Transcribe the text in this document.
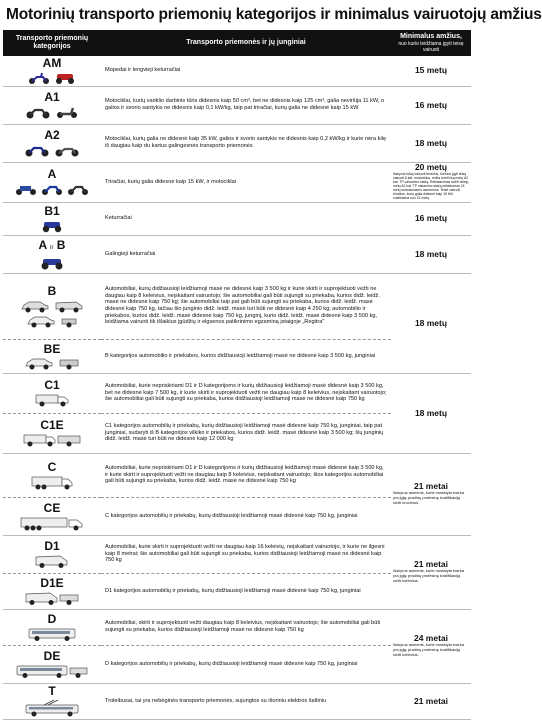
Motorinių transporto priemonių kategorijos ir minimalus vairuotojų amžius
Transporto priemonių kategorijos	Transporto priemonės ir jų junginiai	Minimalus amžius,
nuo kurio leidžiama įgyti teisę vairuoti

AM	Mopedai ir lengvieji keturračiai	15 metų

A1	Motociklai, kurių variklio darbinis tūris didesnis kaip 50 cm³, bet ne didesnis kaip 125 cm³, galia neviršija 11 kW, o galios ir svorio santykis ne didesnis kaip 0,1 kW/kg, taip pat triračiai, kurių galia ne didesnė kaip 15 kW	16 metų

A2	Motociklai, kurių galia ne didesnė kaip 35 kW, galios ir svorio santykis ne didesnis kaip 0,2 kW/kg ir kurie nėra kilę iš daugiau kaip du kartus galingesnės transporto priemonės	18 metų

A	Triračiai, kurių galia didesnė kaip 15 kW, ir motociklai	20 metų
Išskyrus tokią vairuoti triračius, kuriuos įgyti teisę vairuoti A kat. motociklus, reikia turėti ilsą metų A2 kat. TP vairavimo stažą. Reikalavimas turėti dviejų metų A2 kat. TP vairavimo stažą netaikomas 24 metų sulaukusiems asmenims. Teisė vairuoti triračius, kurių galia didesnė kaip 15 kW, suteikiama nuo 21 metų.

B1	Keturračiai	16 metų

A ir B	Galingieji keturračiai	18 metų

B	Automobiliai, kurių didžiausioji leidžiamoji masė ne didesnė kaip 3 500 kg ir kurie skirti ir suprojektuoti vežti ne daugiau kaip 8 keleivius, neįskaitant vairuotojo; šie automobiliai gali būti sujungti su priekaba, kurios didž. leidž. masė ne didesnė kaip 750 kg; šie automobiliai taip pat gali būti sujungti su priekaba, kurios didž. leidž. masė didesnė kaip 750 kg, tačiau šio junginio didž. leidž. masė turi būti ne didesnė kaip 4 250 kg; automobilio ir priekabos, kurios didž. leidž. masė didesnė kaip 750 kg, junginį, kurio didž. leidž. masė didesnė kaip 3 500 kg, leidžiama vairuoti tik išlaikius įgūdžių ir elgsenos patikrinimo egzaminą įstaigoje „Regitra"	18 metų

BE	B kategorijos automobilio ir priekabos, kurios didžiausioji leidžiamoji masė ne didesnė kaip 3 500 kg, junginiai	

C1	Automobiliai, kurie nepriskiriami D1 ir D kategorijoms ir kurių didžiausioji leidžiamoji masė didesnė kaip 3 500 kg, bet ne didesnė kaip 7 500 kg, ir kurie skirti ir suprojektuoti vežti ne daugiau kaip 8 keleivius, neįskaitant vairuotojo; šie automobiliai gali būti sujungti su priekaba, kurios didžiausioji leidžiamoji masė ne didesnė kaip 750 kg	18 metų

C1E	C1 kategorijos automobilių ir priekabų, kurių didžiausioji leidžiamoji masė didesnė kaip 750 kg, junginiai, taip pat junginiai, sudaryti iš B kategorijos vilkiko ir priekabos, kurios didž. leidž. masė didesnė kaip 3 500 kg; šių junginių didž. leidž. masė turi būti ne didesnė kaip 12 000 kg	

C	Automobiliai, kurie nepriskiriami D1 ir D kategorijoms ir kurių didžiausioji leidžiamoji masė didesnė kaip 3 500 kg, ir kurie skirti ir suprojektuoti vežti ne daugiau kaip 8 keleivius, neįskaitant vairuotojo; šios kategorijos automobiliai gali būti sujungti su priekaba, kurios didž. leidž. masė ne didesnė kaip 750 kg	21 metai
Išskyrus asmenis, kurie nustatyta tvarka yra įgiję pradinę profesinę kvalifikaciją vežti krovinius.

CE	C kategorijos automobilių ir priekabų, kurių didžiausioji leidžiamoji masė didesnė kaip 750 kg, junginiai	

D1	Automobiliai, kurie skirti ir suprojektuoti vežti ne daugiau kaip 16 keleivių, neįskaitant vairuotojo, ir kurie ne ilgesni kaip 8 metrai; šie automobiliai gali būti sujungti su priekaba, kurios didžiausioji leidžiamoji masė ne didesnė kaip 750 kg	21 metai
Išskyrus asmenis, kurie nustatyta tvarka yra įgiję pradinę profesinę kvalifikaciją vežti keleivius.

D1E	D1 kategorijos automobilių ir priekabų, kurių didžiausioji leidžiamoji masė didesnė kaip 750 kg, junginiai	

D	Automobiliai, skirti ir suprojektuoti vežti daugiau kaip 8 keleivius, neįskaitant vairuotojo; šie automobiliai gali būti sujungti su priekaba, kurios didžiausioji leidžiamoji masė ne didesnė kaip 750 kg	24 metai
Išskyrus asmenis, kurie nustatyta tvarka yra įgiję pradinę profesinę kvalifikaciją vežti keleivius.

DE	D kategorijos automobilių ir priekabų, kurių didžiausioji leidžiamoji masė didesnė kaip 750 kg, junginiai	

T	Troleibusai, tai yra nebėginės transporto priemonės, sujungtos su išoriniu elektros šaltiniu	21 metai
